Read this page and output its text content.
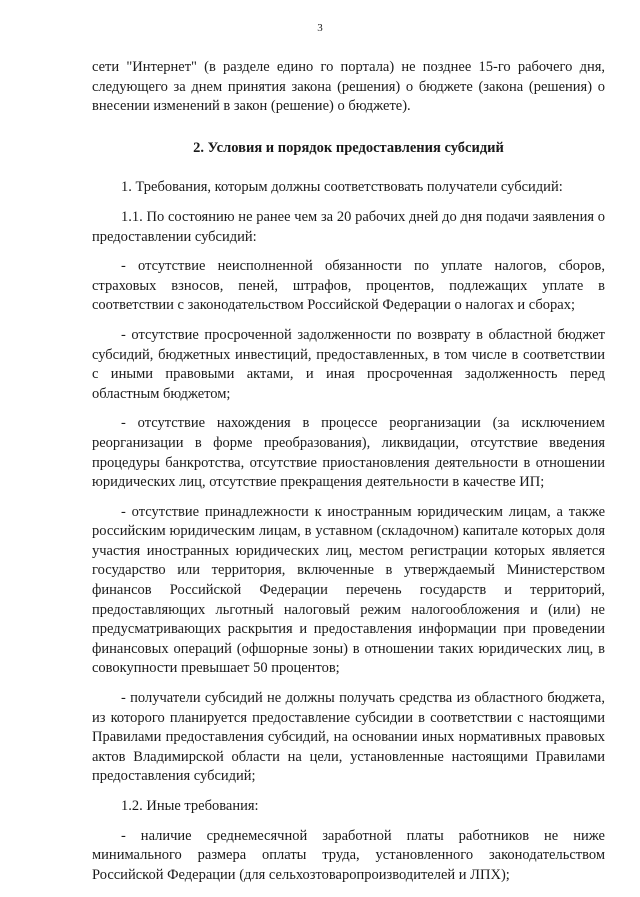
3

сети "Интернет" (в разделе едино го портала) не позднее 15-го рабочего дня, следующего за днем принятия закона (решения) о бюджете (закона (решения) о внесении изменений в закон (решение) о бюджете).

2. Условия и порядок предоставления субсидий

1. Требования, которым должны соответствовать получатели субсидий:

1.1. По состоянию не ранее чем за 20 рабочих дней до дня подачи заявления о предоставлении субсидий:

- отсутствие неисполненной обязанности по уплате налогов, сборов, страховых взносов, пеней, штрафов, процентов, подлежащих уплате в соответствии с законодательством Российской Федерации о налогах и сборах;

- отсутствие просроченной задолженности по возврату в областной бюджет субсидий, бюджетных инвестиций, предоставленных, в том числе в соответствии с иными правовыми актами, и иная просроченная задолженность перед областным бюджетом;

- отсутствие нахождения в процессе реорганизации (за исключением реорганизации в форме преобразования), ликвидации, отсутствие введения процедуры банкротства, отсутствие приостановления деятельности в отношении юридических лиц, отсутствие прекращения деятельности в качестве ИП;

- отсутствие принадлежности к иностранным юридическим лицам, а также российским юридическим лицам, в уставном (складочном) капитале которых доля участия иностранных юридических лиц, местом регистрации которых является государство или территория, включенные в утверждаемый Министерством финансов Российской Федерации перечень государств и территорий, предоставляющих льготный налоговый режим налогообложения и (или) не предусматривающих раскрытия и предоставления информации при проведении финансовых операций (офшорные зоны) в отношении таких юридических лиц, в совокупности превышает 50 процентов;

- получатели субсидий не должны получать средства из областного бюджета, из которого планируется предоставление субсидии в соответствии с настоящими Правилами предоставления субсидий, на основании иных нормативных правовых актов Владимирской области на цели, установленные настоящими Правилами предоставления субсидий;

1.2. Иные требования:

- наличие среднемесячной заработной платы работников не ниже минимального размера оплаты труда, установленного законодательством Российской Федерации (для сельхозтоваропроизводителей и ЛПХ);
